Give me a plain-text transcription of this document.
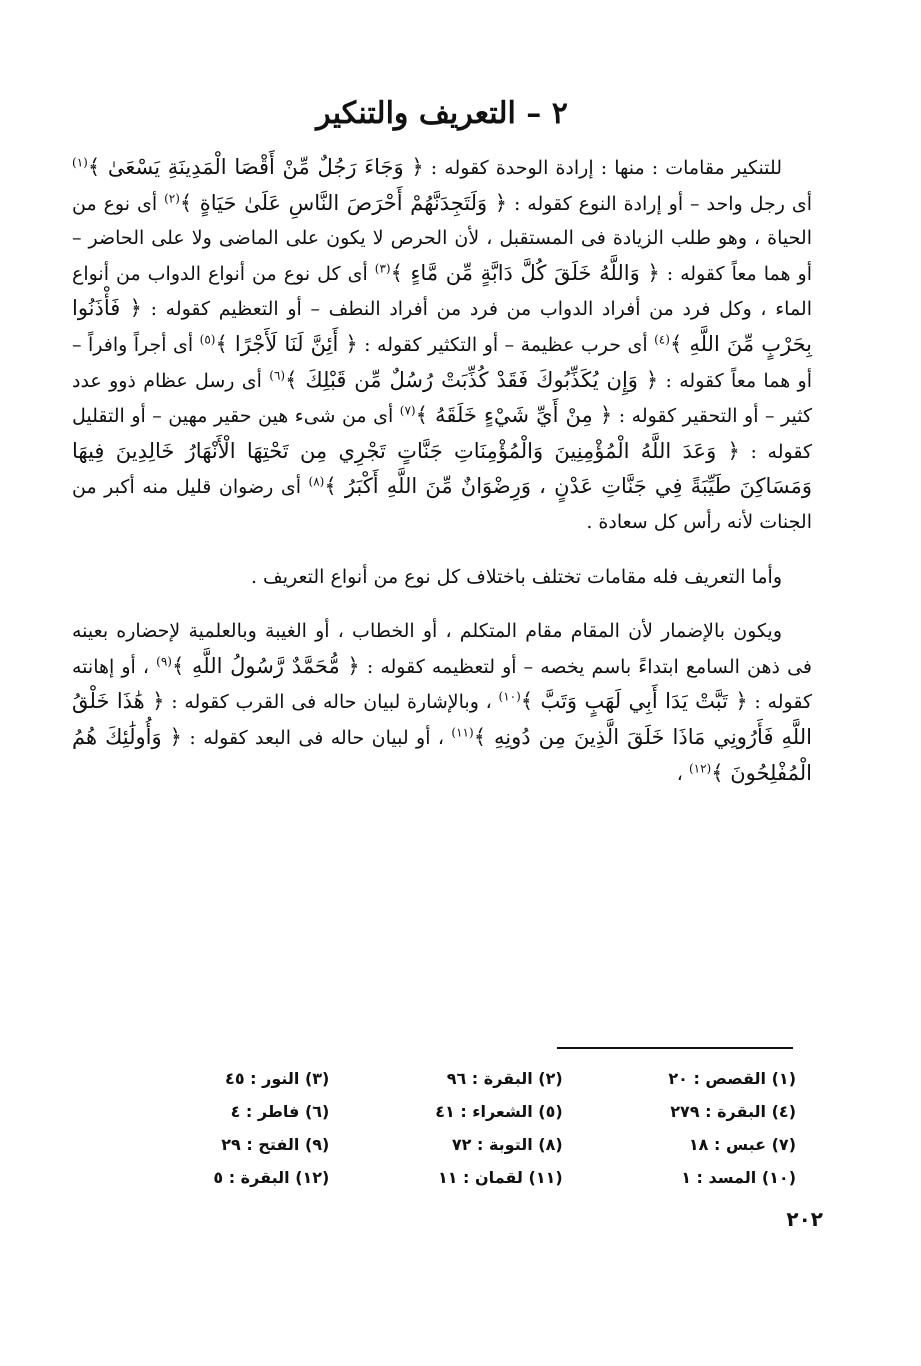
٢ – التعريف والتنكير

للتنكير مقامات : منها : إرادة الوحدة كقوله : ﴿ وَجَاءَ رَجُلٌ مِّنْ أَقْصَا الْمَدِينَةِ يَسْعَىٰ ﴾$^{(١)}$ أى رجل واحد – أو إرادة النوع كقوله : ﴿ وَلَتَجِدَنَّهُمْ أَحْرَصَ النَّاسِ عَلَىٰ حَيَاةٍ ﴾$^{(٢)}$ أى نوع من الحياة ، وهو طلب الزيادة فى المستقبل ، لأن الحرص لا يكون على الماضى ولا على الحاضر – أو هما معاً كقوله : ﴿ وَاللَّهُ خَلَقَ كُلَّ دَابَّةٍ مِّن مَّاءٍ ﴾$^{(٣)}$ أى كل نوع من أنواع الدواب من أنواع الماء ، وكل فرد من أفراد الدواب من فرد من أفراد النطف – أو التعظيم كقوله : ﴿ فَأْذَنُوا بِحَرْبٍ مِّنَ اللَّهِ ﴾$^{(٤)}$ أى حرب عظيمة – أو التكثير كقوله : ﴿ أَئِنَّ لَنَا لَأَجْرًا ﴾$^{(٥)}$ أى أجراً وافراً – أو هما معاً كقوله : ﴿ وَإِن يُكَذِّبُوكَ فَقَدْ كُذِّبَتْ رُسُلٌ مِّن قَبْلِكَ ﴾$^{(٦)}$ أى رسل عظام ذوو عدد كثير – أو التحقير كقوله : ﴿ مِنْ أَيِّ شَيْءٍ خَلَقَهُ ﴾$^{(٧)}$ أى من شىء هين حقير مهين – أو التقليل كقوله : ﴿ وَعَدَ اللَّهُ الْمُؤْمِنِينَ وَالْمُؤْمِنَاتِ جَنَّاتٍ تَجْرِي مِن تَحْتِهَا الْأَنْهَارُ خَالِدِينَ فِيهَا وَمَسَاكِنَ طَيِّبَةً فِي جَنَّاتِ عَدْنٍ ، وَرِضْوَانٌ مِّنَ اللَّهِ أَكْبَرُ ﴾$^{(٨)}$ أى رضوان قليل منه أكبر من الجنات لأنه رأس كل سعادة .

وأما التعريف فله مقامات تختلف باختلاف كل نوع من أنواع التعريف .

ويكون بالإضمار لأن المقام مقام المتكلم ، أو الخطاب ، أو الغيبة وبالعلمية لإحضاره بعينه فى ذهن السامع ابتداءً باسم يخصه – أو لتعظيمه كقوله : ﴿ مُّحَمَّدٌ رَّسُولُ اللَّهِ ﴾$^{(٩)}$ ، أو إهانته كقوله : ﴿ تَبَّتْ يَدَا أَبِي لَهَبٍ وَتَبَّ ﴾$^{(١٠)}$ ، وبالإشارة لبيان حاله فى القرب كقوله : ﴿ هَٰذَا خَلْقُ اللَّهِ فَأَرُونِي مَاذَا خَلَقَ الَّذِينَ مِن دُونِهِ ﴾$^{(١١)}$ ، أو لبيان حاله فى البعد كقوله : ﴿ وَأُولَٰئِكَ هُمُ الْمُفْلِحُونَ ﴾$^{(١٢)}$ ،

(١) القصص : ٢٠
(٢) البقرة : ٩٦
(٣) النور : ٤٥
(٤) البقرة : ٢٧٩
(٥) الشعراء : ٤١
(٦) فاطر : ٤
(٧) عبس : ١٨
(٨) التوبة : ٧٢
(٩) الفتح : ٢٩
(١٠) المسد : ١
(١١) لقمان : ١١
(١٢) البقرة : ٥
٢٠٢
